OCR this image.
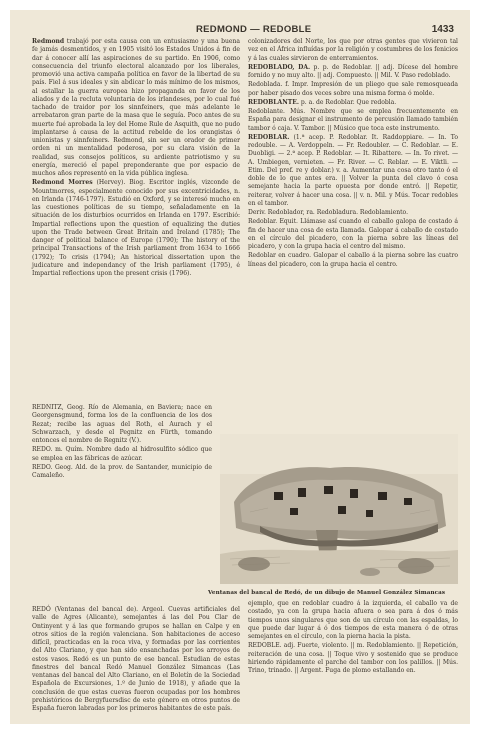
REDMOND — REDOBLE	1433

Redmond trabajó por esta causa con un entusiasmo y una buena fe jamás desmentidos, y en 1905 visitó los Estados Unidos á fin de dar á conocer allí las aspiraciones de su partido. En 1906, como consecuencia del triunfo electoral alcanzado por los liberales, promovió una activa campaña política en favor de la libertad de su país. Fiel á sus ideales y sin abdicar lo más mínimo de los mismos, al estallar la guerra europea hizo propaganda en favor de los aliados y de la recluta voluntaria de los irlandeses, por lo cual fué tachado de traidor por los sinnfeiners, que más adelante le arrebataron gran parte de la masa que le seguía. Poco antes de su muerte fué aprobada la ley del Home Rule de Asquith, que no pudo implantarse á causa de la actitud rebelde de los orangistas ó unionistas y sinnfeiners. Redmond, sin ser un orador de primer orden ni un mentalidad poderosa, por su clara visión de la realidad, sus consejos políticos, su ardiente patriotismo y su energía, mereció el papel preponderante que por espacio de muchos años representó en la vida pública inglesa.

Redmond Morres (Hervey). Biog. Escritor inglés, vizconde de Mountmorres, especialmente conocido por sus excentricidades, n. en Irlanda (1746-1797). Estudió en Oxford, y se interesó mucho en las cuestiones políticas de su tiempo, señaladamente en la situación de los disturbios ocurridos en Irlanda en 1797. Escribió: Impartial reflections upon the question of equalizing the duties upon the Trade between Great Britain and Ireland (1785); The danger of political balance of Europe (1790); The history of the principal Transactions of the Irish parliament from 1634 to 1666 (1792); To crisis (1794); An historical dissertation upon the judicature and independancy of the Irish parliament (1795), é Impartial reflections upon the present crisis (1796).

REDNITZ, Geog. Río de Alemania, en Baviera; nace en Georgensgmund, forma los de la confluencia de los dos Rezat; recibe las aguas del Roth, el Aurach y el Schwarzach, y desde el Pegnitz en Fürth, tomando entonces el nombre de Regnitz (V.).

REDO. m. Quím. Nombre dado al hidrosulfito sódico que se emplea en las fábricas de azúcar.

REDO. Geog. Ald. de la prov. de Santander, municipio de Camaleño.

REDÓ (Ventanas del bancal de). Argeol. Cuevas artificiales del valle de Agres (Alicante), semejantes á las del Pou Clar de Ontinyent y á las que formando grupos se hallan en Calpe y en otros sitios de la región valenciana. Son habitaciones de acceso difícil, practicadas en la roca viva, y formadas por las corrientes del Alto Clariano, y que han sido ensanchadas por los arroyos de estos vasos. Redó es un punto de ese bancal. Estudian de estas finestres del bancal Redó Manuel González Simancas (Las ventanas del bancal del Alto Clariano, en el Boletín de la Sociedad Española de Excursiones, 1.º de Junio de 1918), y añade que la conclusión de que estas cuevas fueron ocupadas por los hombres prehistóricos de Bergyfuersdisc de este género en otros puntos de España fueron labradas por los primeros habitantes de este país.

colonizadores del Norte, los que por otras gentes que vivieron tal vez en el África influídas por la religión y costumbres de los fenicios y á las cuales sirvieron de enterramientos.

REDOBLADO, DA. p. p. de Redoblar. || adj. Dícese del hombre fornido y no muy alto. || adj. Compuesto. || Mil. V. Paso redoblado.

Redoblada. f. Impr. Impresión de un pliego que sale remosqueada por haber pisado dos veces sobre una misma forma ó molde.

REDOBLANTE. p. a. de Redoblar. Que redobla.

Redoblante. Mús. Nombre que se emplea frecuentemente en España para designar el instrumento de percusión llamado también tambor ó caja. V. Tambor. || Músico que toca este instrumento.

REDOBLAR. (1.ª acep. P. Redoblar. It. Raddoppiare. — In. To redouble. — A. Verdoppeln. — Fr. Redoubler. — C. Redoblar. — E. Duobligi. — 2.ª acep. P. Redoblar. — It. Ribattere. — In. To rivet. — A. Umbiegen, vernieten. — Fr. River. — C. Reblar. — E. Viktli. — Etim. Del pref. re y doblar.) v. a. Aumentar una cosa otro tanto ó el doble de lo que antes era. || Volver la punta del clavo ó cosa semejante hacia la parte opuesta por donde entró. || Repetir, reiterar, volver á hacer una cosa. || v. n. Mil. y Mús. Tocar redobles en el tambor.

Deriv. Redoblador, ra. Redobladura. Redoblamiento.

Redoblar. Equit. Llámase así cuando el caballo galopa de costado á fin de hacer una cosa de esta llamada. Galopar á caballo de costado en el círculo del picadero, con la pierna sobre las líneas del picadero, y con la grupa hacia el centro del mismo.

Redoblar en cuadro. Galopar el caballo á la pierna sobre las cuatro líneas del picadero, con la grupa hacia el centro.

Ventanas del bancal de Redó, de un dibujo de Manuel González Simancas

ejemplo, que en redoblar cuadro á la izquierda, el caballo va de costado, ya con la grupa hacia afuera o sea para á dos ó más tiempos unos singulares que son de un círculo con las espaldas, lo que puede dar lugar á ó dos tiempos de esta manera ó de otras semejantes en el círculo, con la pierna hacia la pista.

REDOBLE. adj. Fuerte, violento. || m. Redoblamiento. || Repetición, reiteración de una cosa. || Toque vivo y sostenido que se produce hiriendo rápidamente el parche del tambor con los palillos. || Mús. Trino, trinado. || Argent. Fuga de plomo estallando en.
